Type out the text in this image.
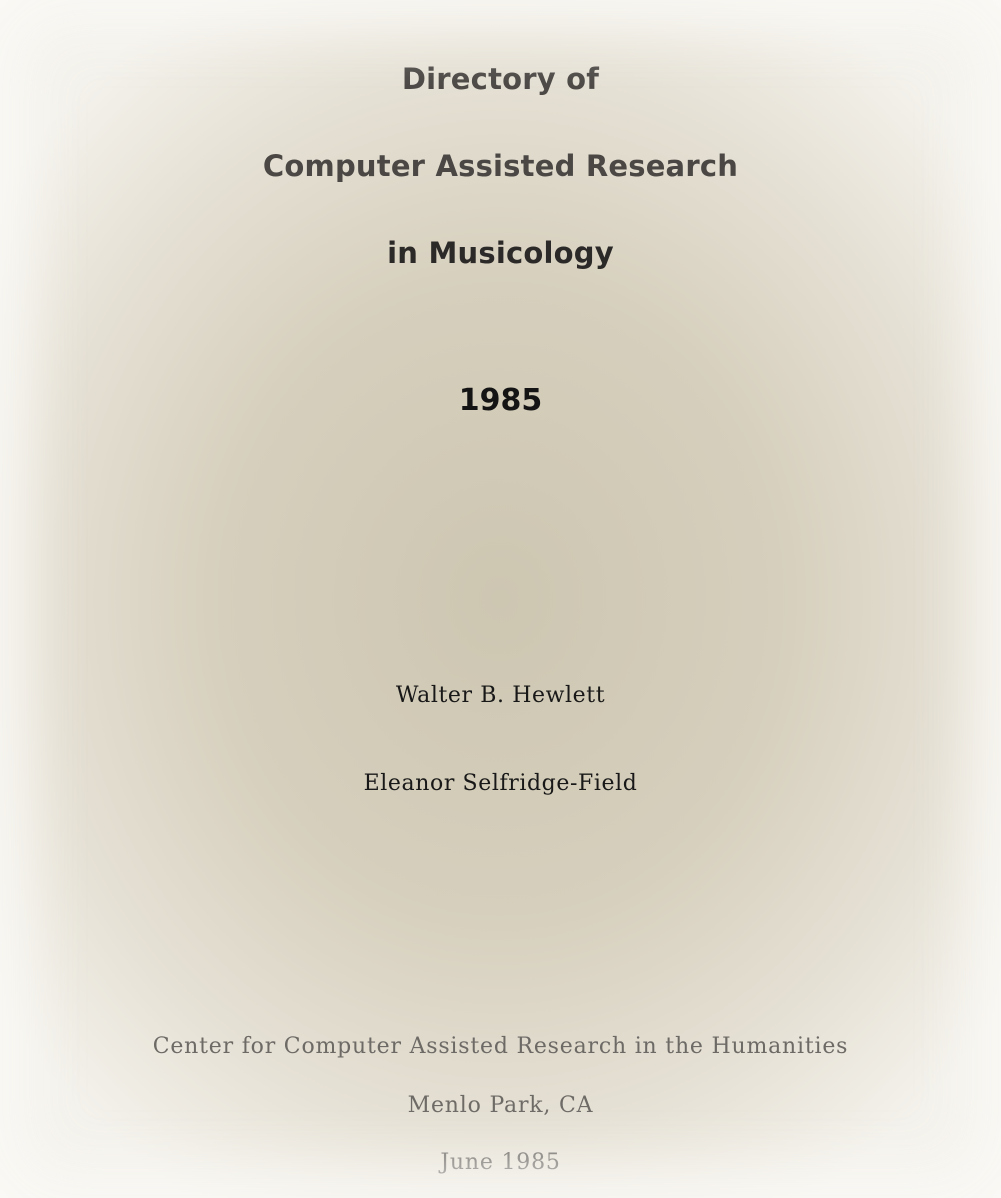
Directory of
Computer Assisted Research
in Musicology
1985
Walter B. Hewlett
Eleanor Selfridge-Field
Center for Computer Assisted Research in the Humanities
Menlo Park, CA
June 1985
